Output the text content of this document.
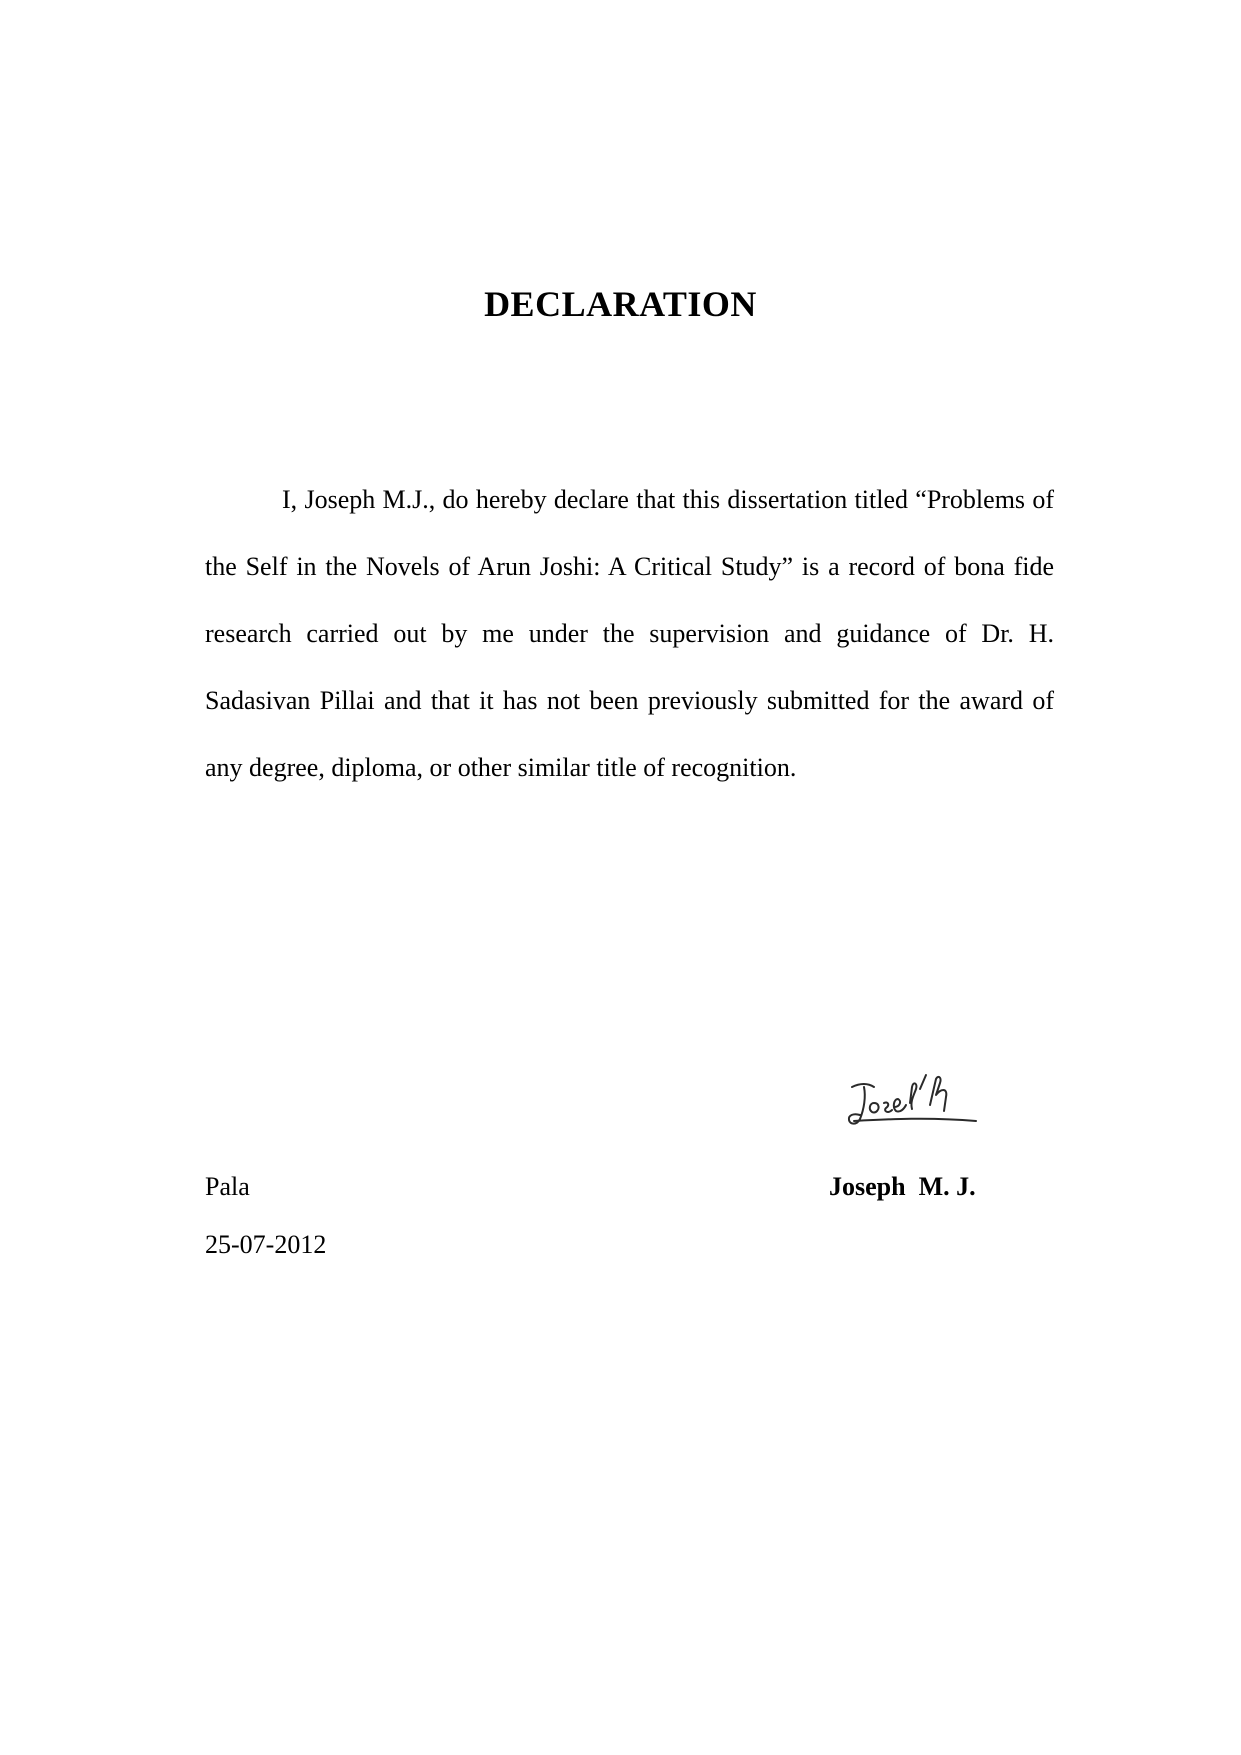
DECLARATION

I, Joseph M.J., do hereby declare that this dissertation titled “Problems of the Self in the Novels of Arun Joshi: A Critical Study” is a record of bona fide research carried out by me under the supervision and guidance of Dr. H. Sadasivan Pillai and that it has not been previously submitted for the award of any degree, diploma, or other similar title of recognition.

Pala
25-07-2012
Joseph  M. J.
